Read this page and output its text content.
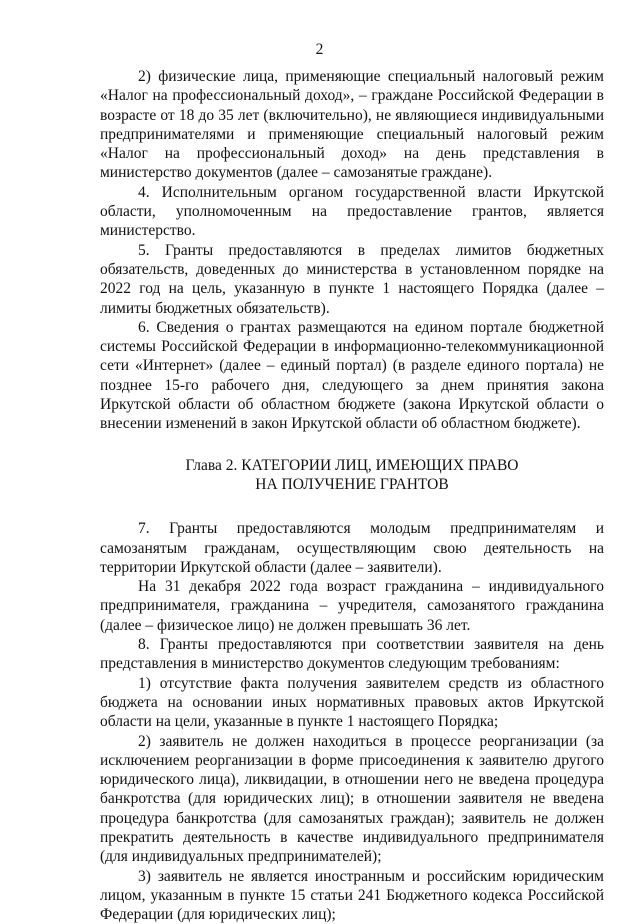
2

2) физические лица, применяющие специальный налоговый режим «Налог на профессиональный доход», – граждане Российской Федерации в возрасте от 18 до 35 лет (включительно), не являющиеся индивидуальными предпринимателями и применяющие специальный налоговый режим «Налог на профессиональный доход» на день представления в министерство документов (далее – самозанятые граждане).

4. Исполнительным органом государственной власти Иркутской области, уполномоченным на предоставление грантов, является министерство.

5. Гранты предоставляются в пределах лимитов бюджетных обязательств, доведенных до министерства в установленном порядке на 2022 год на цель, указанную в пункте 1 настоящего Порядка (далее – лимиты бюджетных обязательств).

6. Сведения о грантах размещаются на едином портале бюджетной системы Российской Федерации в информационно-телекоммуникационной сети «Интернет» (далее – единый портал) (в разделе единого портала) не позднее 15-го рабочего дня, следующего за днем принятия закона Иркутской области об областном бюджете (закона Иркутской области о внесении изменений в закон Иркутской области об областном бюджете).

Глава 2. КАТЕГОРИИ ЛИЦ, ИМЕЮЩИХ ПРАВО
НА ПОЛУЧЕНИЕ ГРАНТОВ

7. Гранты предоставляются молодым предпринимателям и самозанятым гражданам, осуществляющим свою деятельность на территории Иркутской области (далее – заявители).

На 31 декабря 2022 года возраст гражданина – индивидуального предпринимателя, гражданина – учредителя, самозанятого гражданина (далее – физическое лицо) не должен превышать 36 лет.

8. Гранты предоставляются при соответствии заявителя на день представления в министерство документов следующим требованиям:

1) отсутствие факта получения заявителем средств из областного бюджета на основании иных нормативных правовых актов Иркутской области на цели, указанные в пункте 1 настоящего Порядка;

2) заявитель не должен находиться в процессе реорганизации (за исключением реорганизации в форме присоединения к заявителю другого юридического лица), ликвидации, в отношении него не введена процедура банкротства (для юридических лиц); в отношении заявителя не введена процедура банкротства (для самозанятых граждан); заявитель не должен прекратить деятельность в качестве индивидуального предпринимателя (для индивидуальных предпринимателей);

3) заявитель не является иностранным и российским юридическим лицом, указанным в пункте 15 статьи 241 Бюджетного кодекса Российской Федерации (для юридических лиц);
